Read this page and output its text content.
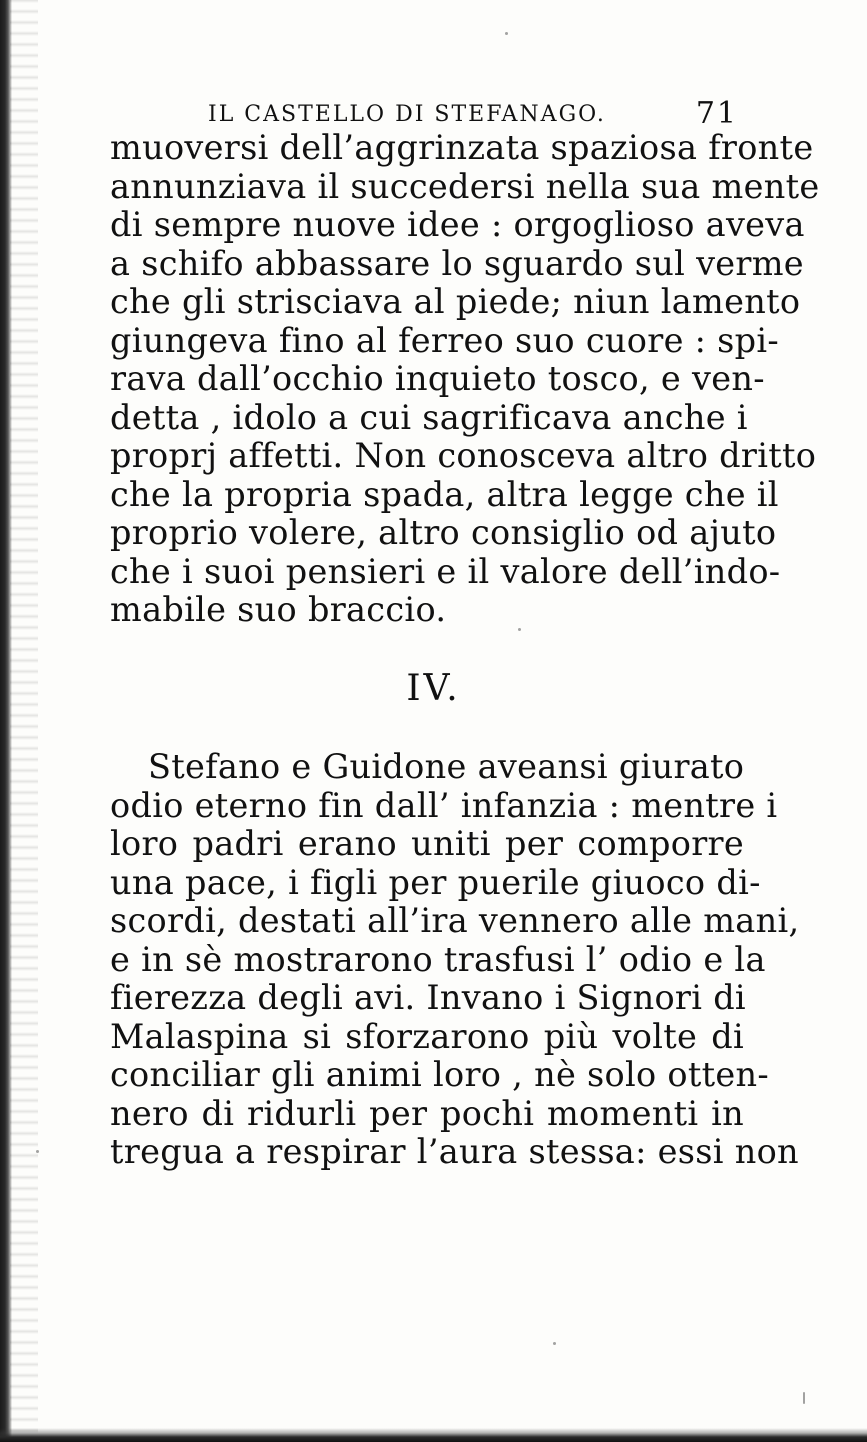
IL CASTELLO DI STEFANAGO.	71
muoversi dell’aggrinzata spaziosa fronte
annunziava il succedersi nella sua mente
di sempre nuove idee : orgoglioso aveva
a schifo abbassare lo sguardo sul verme
che gli strisciava al piede; niun lamento
giungeva fino al ferreo suo cuore : spi-
rava dall’occhio inquieto tosco, e ven-
detta , idolo a cui sagrificava anche i
proprj affetti. Non conosceva altro dritto
che la propria spada, altra legge che il
proprio volere, altro consiglio od ajuto
che i suoi pensieri e il valore dell’indo-
mabile suo braccio.
IV.
Stefano e Guidone aveansi giurato
odio eterno fin dall’ infanzia : mentre i
loro padri erano uniti per comporre
una pace, i figli per puerile giuoco di-
scordi, destati all’ira vennero alle mani,
e in sè mostrarono trasfusi l’ odio e la
fierezza degli avi. Invano i Signori di
Malaspina si sforzarono più volte di
conciliar gli animi loro , nè solo otten-
nero di ridurli per pochi momenti in
tregua a respirar l’aura stessa: essi non
